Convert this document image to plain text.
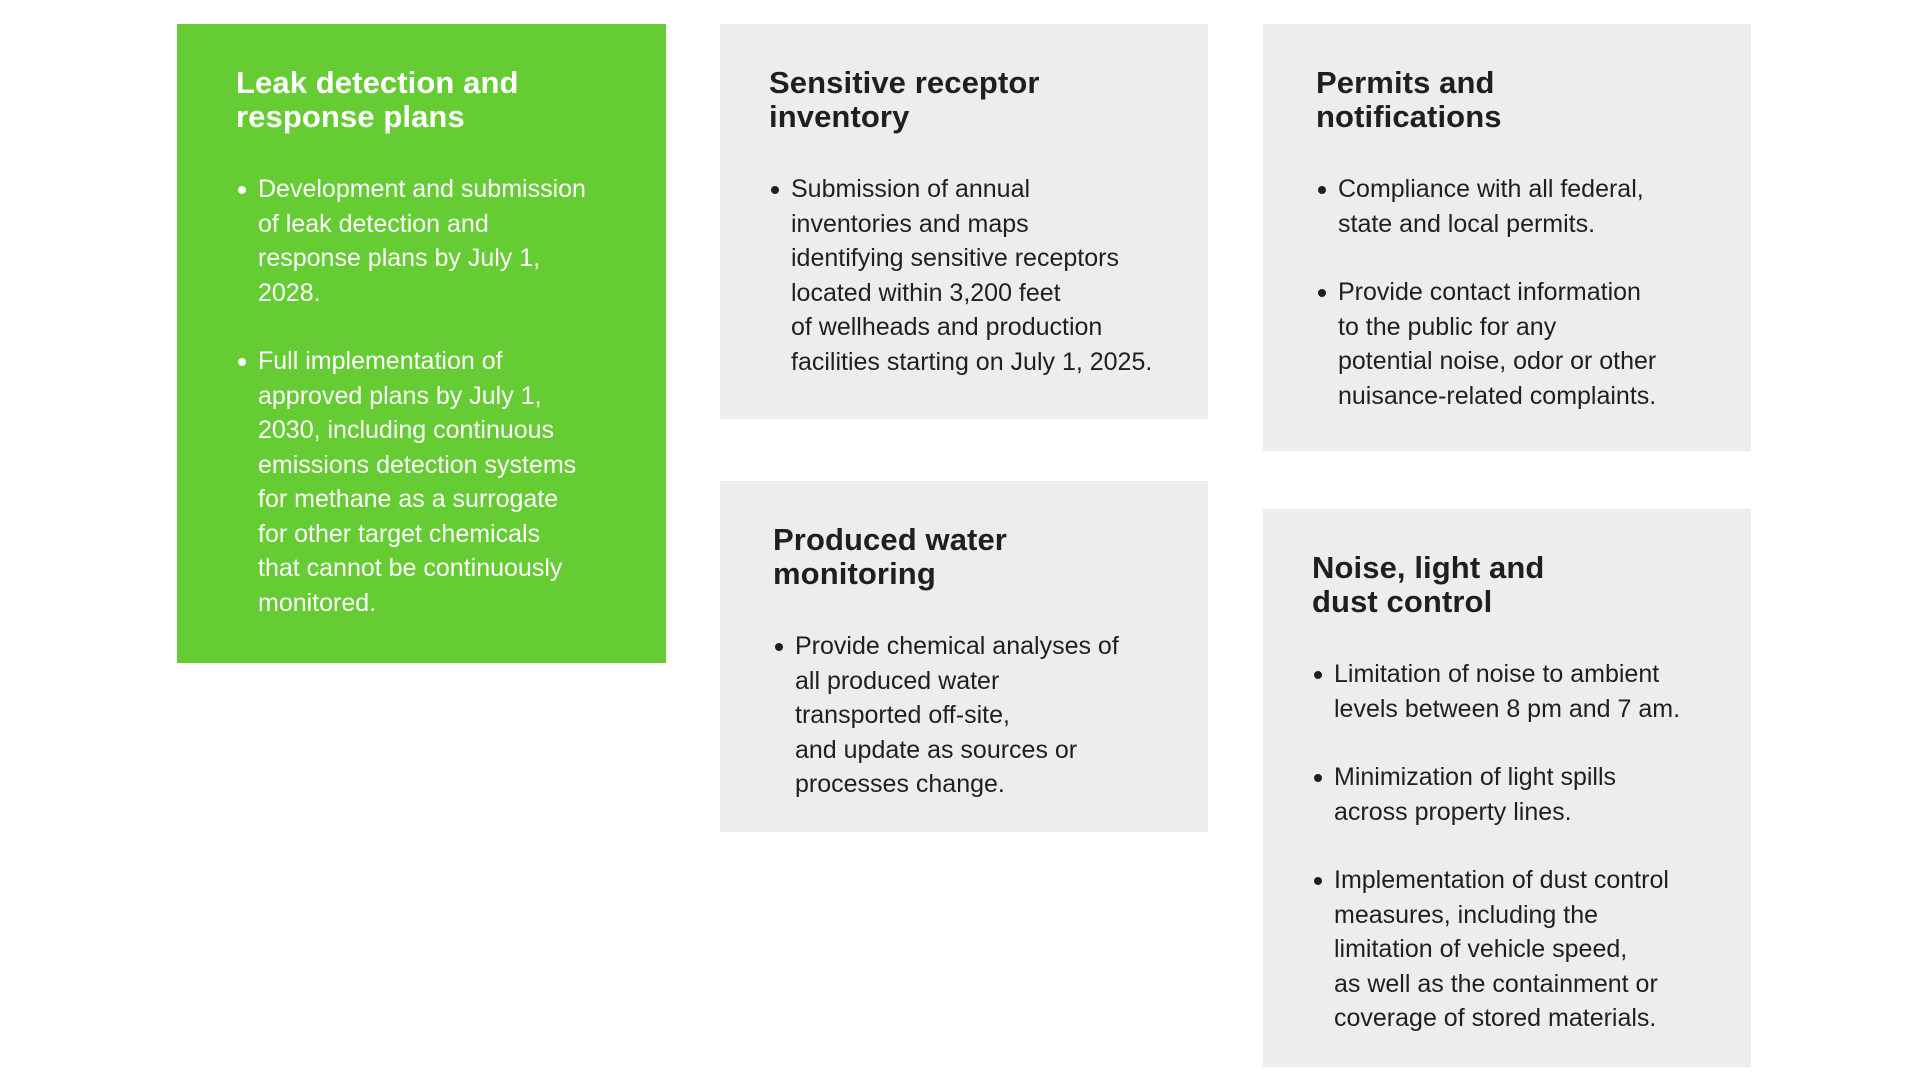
Leak detection and
response plans
Development and submission
of leak detection and
response plans by July 1,
2028.
Full implementation of
approved plans by July 1,
2030, including continuous
emissions detection systems
for methane as a surrogate
for other target chemicals
that cannot be continuously
monitored.
Sensitive receptor
inventory
Submission of annual
inventories and maps
identifying sensitive receptors
located within 3,200 feet
of wellheads and production
facilities starting on July 1, 2025.
Permits and
notifications
Compliance with all federal,
state and local permits.
Provide contact information
to the public for any
potential noise, odor or other
nuisance-related complaints.
Produced water
monitoring
Provide chemical analyses of
all produced water
transported off-site,
and update as sources or
processes change.
Noise, light and
dust control
Limitation of noise to ambient
levels between 8 pm and 7 am.
Minimization of light spills
across property lines.
Implementation of dust control
measures, including the
limitation of vehicle speed,
as well as the containment or
coverage of stored materials.
